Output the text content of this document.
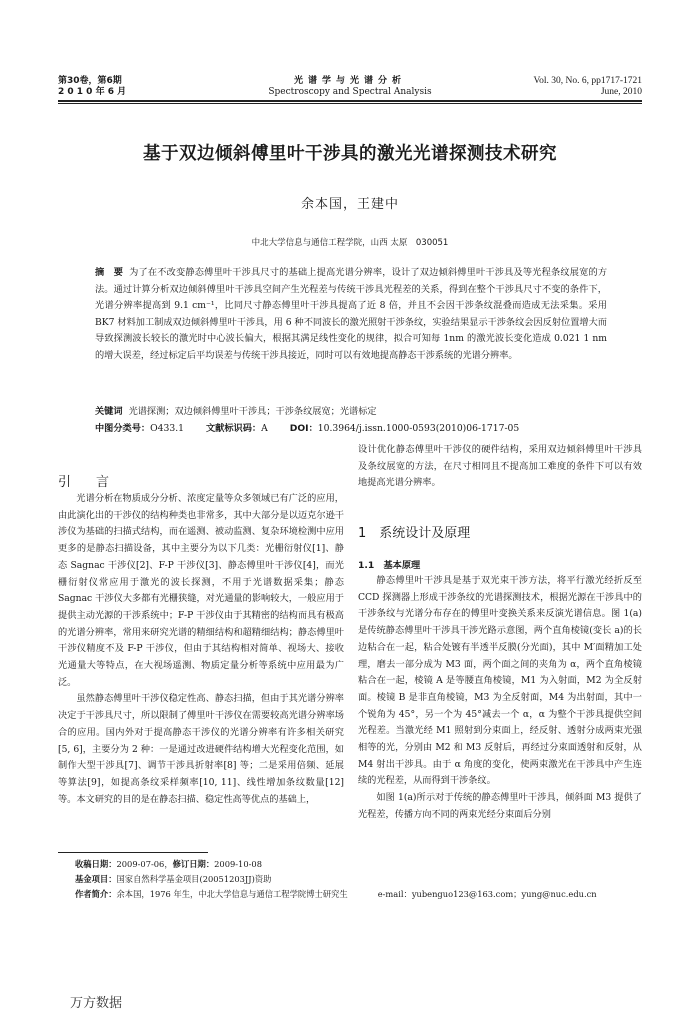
第30卷，第6期
2 0 1 0 年 6 月
光谱学与光谱分析
Spectroscopy and Spectral Analysis
Vol. 30, No. 6, pp1717-1721
June, 2010
基于双边倾斜傅里叶干涉具的激光光谱探测技术研究
余本国，王建中
中北大学信息与通信工程学院，山西 太原　030051
摘　要 为了在不改变静态傅里叶干涉具尺寸的基础上提高光谱分辨率，设计了双边倾斜傅里叶干涉具及等光程条纹展宽的方法。通过计算分析双边倾斜傅里叶干涉具空间产生光程差与传统干涉具光程差的关系，得到在整个干涉具尺寸不变的条件下，光谱分辨率提高到 9.1 cm⁻¹，比同尺寸静态傅里叶干涉具提高了近 8 倍，并且不会因干涉条纹混叠而造成无法采集。采用 BK7 材料加工制成双边倾斜傅里叶干涉具，用 6 种不同波长的激光照射干涉条纹，实验结果显示干涉条纹会因反射位置增大而导致探测波长较长的激光时中心波长偏大，根据其满足线性变化的规律，拟合可知每 1nm 的激光波长变化造成 0.021 1 nm 的增大误差，经过标定后平均误差与传统干涉具接近，同时可以有效地提高静态干涉系统的光谱分辨率。
关键词 光谱探测；双边倾斜傅里叶干涉具；干涉条纹展宽；光谱标定
中图分类号：O433.1 文献标识码：A DOI：10.3964/j.issn.1000-0593(2010)06-1717-05
引　言

光谱分析在物质成分分析、浓度定量等众多领域已有广泛的应用，由此演化出的干涉仪的结构种类也非常多，其中大部分是以迈克尔逊干涉仪为基础的扫描式结构，而在遥测、被动监测、复杂环境检测中应用更多的是静态扫描设备，其中主要分为以下几类：光栅衍射仪[1]、静态 Sagnac 干涉仪[2]、F-P 干涉仪[3]、静态傅里叶干涉仪[4]，而光栅衍射仪常应用于激光的波长探测，不用于光谱数据采集；静态 Sagnac 干涉仪大多都有光栅狭缝，对光通量的影响较大，一般应用于提供主动光源的干涉系统中；F-P 干涉仪由于其精密的结构而具有极高的光谱分辨率，常用来研究光谱的精细结构和超精细结构；静态傅里叶干涉仪精度不及 F-P 干涉仪，但由于其结构相对简单、视场大、接收光通量大等特点，在大视场遥测、物质定量分析等系统中应用最为广泛。

虽然静态傅里叶干涉仪稳定性高、静态扫描，但由于其光谱分辨率决定于干涉具尺寸，所以限制了傅里叶干涉仪在需要较高光谱分辨率场合的应用。国内外对于提高静态干涉仪的光谱分辨率有许多相关研究[5, 6]，主要分为 2 种：一是通过改进硬件结构增大光程变化范围，如制作大型干涉具[7]、调节干涉具折射率[8] 等；二是采用倍频、延展等算法[9]，如提高条纹采样频率[10, 11]、线性增加条纹数量[12] 等。本文研究的目的是在静态扫描、稳定性高等优点的基础上，

设计优化静态傅里叶干涉仪的硬件结构，采用双边倾斜傅里叶干涉具及条纹展宽的方法，在尺寸相同且不提高加工难度的条件下可以有效地提高光谱分辨率。

1　系统设计及原理
1.1　基本原理

静态傅里叶干涉具是基于双光束干涉方法，将平行激光经折反至 CCD 探测器上形成干涉条纹的光谱探测技术，根据光源在干涉具中的干涉条纹与光谱分布存在的傅里叶变换关系来反演光谱信息。图 1(a)是传统静态傅里叶干涉具干涉光路示意图，两个直角棱镜(变长 a)的长边粘合在一起，粘合处镀有半透半反膜(分光面)，其中 M′面精加工处理，磨去一部分成为 M3 面，两个面之间的夹角为 α，两个直角棱镜粘合在一起，棱镜 A 是等腰直角棱镜，M1 为入射面，M2 为全反射面。棱镜 B 是非直角棱镜，M3 为全反射面，M4 为出射面，其中一个锐角为 45°，另一个为 45°减去一个 α，α 为整个干涉具提供空间光程差。当激光经 M1 照射到分束面上，经反射、透射分成两束光强相等的光，分别由 M2 和 M3 反射后，再经过分束面透射和反射，从 M4 射出干涉具。由于 α 角度的变化，使两束激光在干涉具中产生连续的光程差，从而得到干涉条纹。

如图 1(a)所示对于传统的静态傅里叶干涉具，倾斜面 M3 提供了光程差，传播方向不同的两束光经分束面后分别

收稿日期：2009-07-06，修订日期：2009-10-08
基金项目：国家自然科学基金项目(20051203JJ)资助
作者简介：余本国，1976 年生，中北大学信息与通信工程学院博士研究生	e-mail：yubenguo123@163.com；yung@nuc.edu.cn
万方数据
